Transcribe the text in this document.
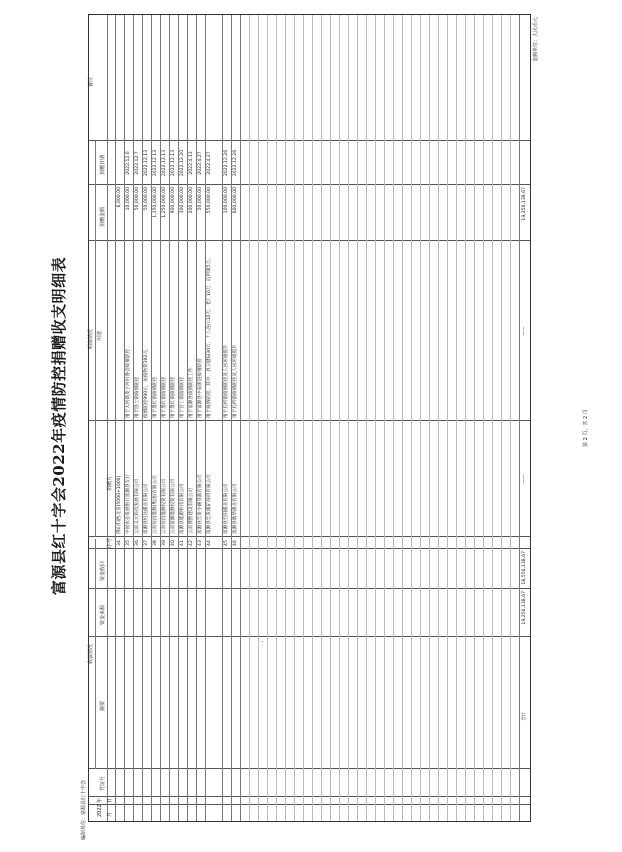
富源县红十字会2022年疫情防控捐赠收支明细表
编制单位：富源县红十字会
金额单位：人民币元
第 2 页，共 2 页
2022
年
月
日
凭证号
收款情况
摘要
资金来源
资金收回
明细情况
序号
捐赠方
用途
捐赠金额
捐赠日期
备注
34
佛山归西北京(5000+1000)
6,000.00
35
中国农业发展银行富源县支行
用于大河镇麦子河村委会疫情防控
10,000.00
2022.12.6
36
云南义元科技发展有限公司
用于卧土镇疫情防控
50,000.00
2022.12.7
37
富源县恒达煤业有限公司
疫情防控990元，抗疫物资392元。
50,000.00
2022.12.13
38
云南恒昌能源(集团)有限公司
用于墨红镇疫情防控
1,350,000.00
2022.12.13
39
云南恒昌能源投资有限公司
用于墨红镇疫情防控
1,250,000.00
2022.12.13
40
云南富源能源投资有限公司
用于墨红镇疫情防控
900,000.00
2022.12.13
41
富源县能源科技有限公司
用于营上镇疫情防控
300,000.00
2022.12.20
42
云南博然建设有限公司
用于富源县疫情防控工作
200,000.00
2022.4.13
43
富源县宏发小额贷款有限公司
用于富源县中安街道疫情防控
50,000.00
2022.4.27
44
富源县宏发煤矿商贸有限公司
用于疫情防控，其中，县卫健局30万，十八连山10万，老厂10万，后所镇5万。
550,000.00
2022.4.27
45
富源县宏阳煤业有限公司
用于后所镇疫情防控及人居环境提升
100,000.00
2022.12.26
46
富源县新华煤业有限公司
用于后所镇疫情防控及人居环境提升
600,000.00
2022.12.26
合计
19,256,138.67
18,556,138.67
——
——
19,256,138.67
